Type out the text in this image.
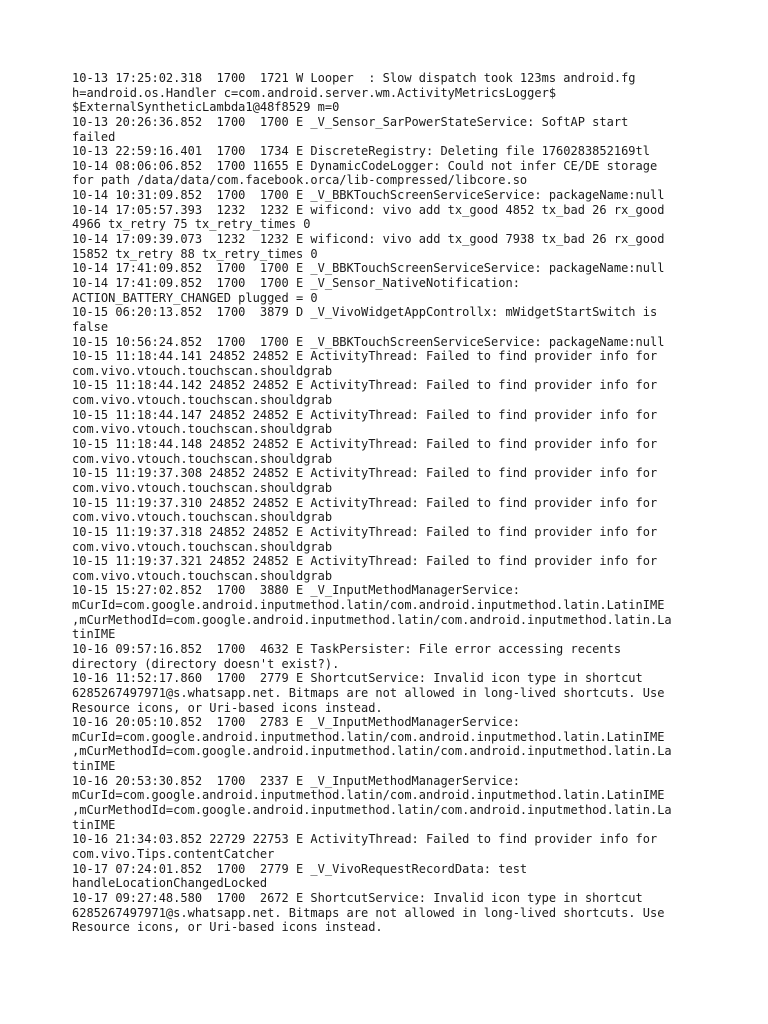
10-13 17:25:02.318  1700  1721 W Looper  : Slow dispatch took 123ms android.fg
h=android.os.Handler c=com.android.server.wm.ActivityMetricsLogger$
$ExternalSyntheticLambda1@48f8529 m=0
10-13 20:26:36.852  1700  1700 E _V_Sensor_SarPowerStateService: SoftAP start
failed
10-13 22:59:16.401  1700  1734 E DiscreteRegistry: Deleting file 1760283852169tl
10-14 08:06:06.852  1700 11655 E DynamicCodeLogger: Could not infer CE/DE storage
for path /data/data/com.facebook.orca/lib-compressed/libcore.so
10-14 10:31:09.852  1700  1700 E _V_BBKTouchScreenServiceService: packageName:null
10-14 17:05:57.393  1232  1232 E wificond: vivo add tx_good 4852 tx_bad 26 rx_good
4966 tx_retry 75 tx_retry_times 0
10-14 17:09:39.073  1232  1232 E wificond: vivo add tx_good 7938 tx_bad 26 rx_good
15852 tx_retry 88 tx_retry_times 0
10-14 17:41:09.852  1700  1700 E _V_BBKTouchScreenServiceService: packageName:null
10-14 17:41:09.852  1700  1700 E _V_Sensor_NativeNotification:
ACTION_BATTERY_CHANGED plugged = 0
10-15 06:20:13.852  1700  3879 D _V_VivoWidgetAppControllx: mWidgetStartSwitch is
false
10-15 10:56:24.852  1700  1700 E _V_BBKTouchScreenServiceService: packageName:null
10-15 11:18:44.141 24852 24852 E ActivityThread: Failed to find provider info for
com.vivo.vtouch.touchscan.shouldgrab
10-15 11:18:44.142 24852 24852 E ActivityThread: Failed to find provider info for
com.vivo.vtouch.touchscan.shouldgrab
10-15 11:18:44.147 24852 24852 E ActivityThread: Failed to find provider info for
com.vivo.vtouch.touchscan.shouldgrab
10-15 11:18:44.148 24852 24852 E ActivityThread: Failed to find provider info for
com.vivo.vtouch.touchscan.shouldgrab
10-15 11:19:37.308 24852 24852 E ActivityThread: Failed to find provider info for
com.vivo.vtouch.touchscan.shouldgrab
10-15 11:19:37.310 24852 24852 E ActivityThread: Failed to find provider info for
com.vivo.vtouch.touchscan.shouldgrab
10-15 11:19:37.318 24852 24852 E ActivityThread: Failed to find provider info for
com.vivo.vtouch.touchscan.shouldgrab
10-15 11:19:37.321 24852 24852 E ActivityThread: Failed to find provider info for
com.vivo.vtouch.touchscan.shouldgrab
10-15 15:27:02.852  1700  3880 E _V_InputMethodManagerService:
mCurId=com.google.android.inputmethod.latin/com.android.inputmethod.latin.LatinIME
,mCurMethodId=com.google.android.inputmethod.latin/com.android.inputmethod.latin.La
tinIME
10-16 09:57:16.852  1700  4632 E TaskPersister: File error accessing recents
directory (directory doesn't exist?).
10-16 11:52:17.860  1700  2779 E ShortcutService: Invalid icon type in shortcut
6285267497971@s.whatsapp.net. Bitmaps are not allowed in long-lived shortcuts. Use
Resource icons, or Uri-based icons instead.
10-16 20:05:10.852  1700  2783 E _V_InputMethodManagerService:
mCurId=com.google.android.inputmethod.latin/com.android.inputmethod.latin.LatinIME
,mCurMethodId=com.google.android.inputmethod.latin/com.android.inputmethod.latin.La
tinIME
10-16 20:53:30.852  1700  2337 E _V_InputMethodManagerService:
mCurId=com.google.android.inputmethod.latin/com.android.inputmethod.latin.LatinIME
,mCurMethodId=com.google.android.inputmethod.latin/com.android.inputmethod.latin.La
tinIME
10-16 21:34:03.852 22729 22753 E ActivityThread: Failed to find provider info for
com.vivo.Tips.contentCatcher
10-17 07:24:01.852  1700  2779 E _V_VivoRequestRecordData: test
handleLocationChangedLocked
10-17 09:27:48.580  1700  2672 E ShortcutService: Invalid icon type in shortcut
6285267497971@s.whatsapp.net. Bitmaps are not allowed in long-lived shortcuts. Use
Resource icons, or Uri-based icons instead.
